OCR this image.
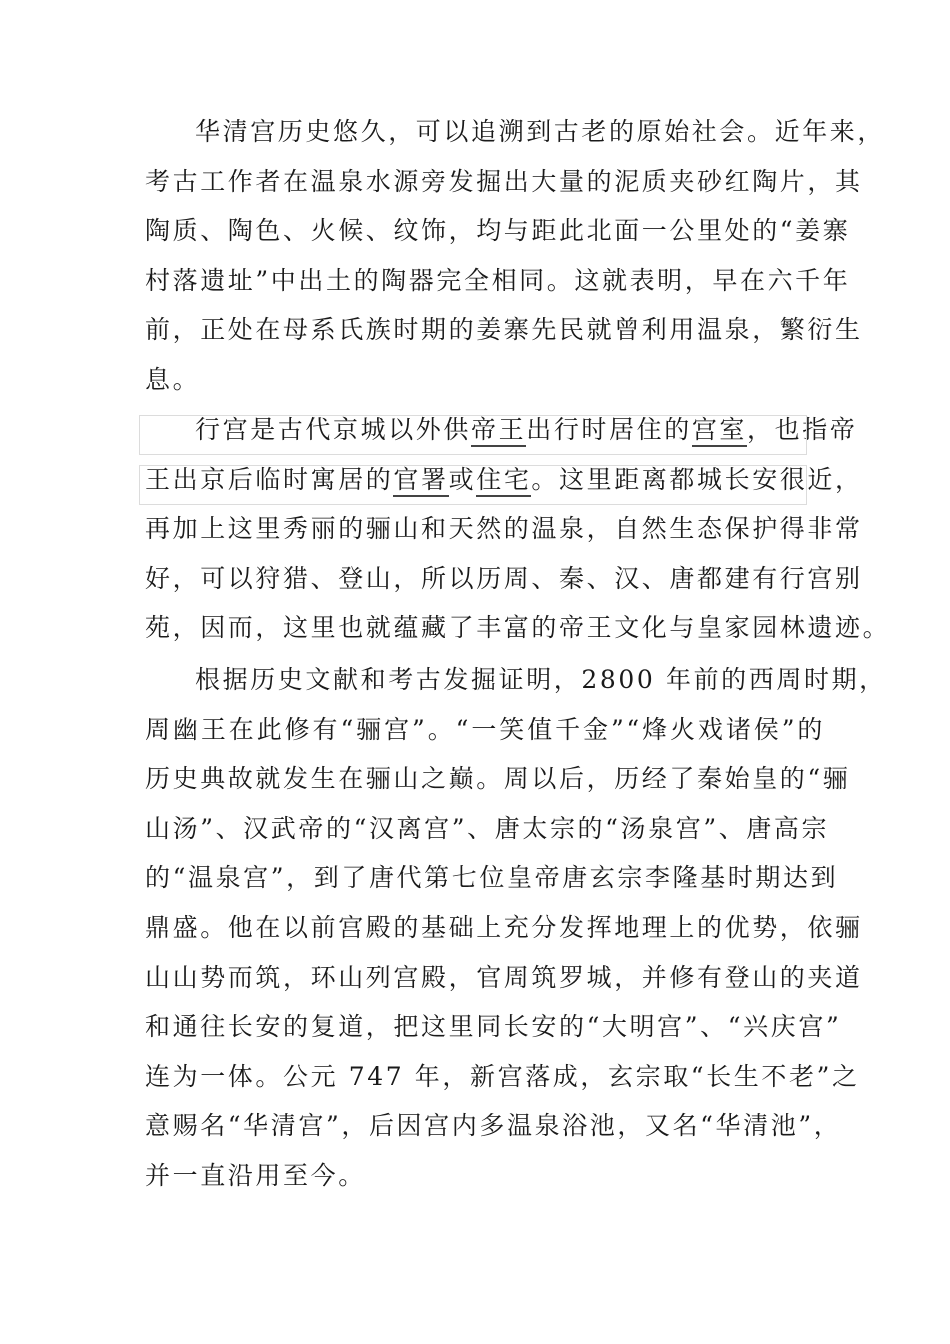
华清宫历史悠久，可以追溯到古老的原始社会。近年来，
考古工作者在温泉水源旁发掘出大量的泥质夹砂红陶片，其
陶质、陶色、火候、纹饰，均与距此北面一公里处的“姜寨
村落遗址”中出土的陶器完全相同。这就表明，早在六千年
前，正处在母系氏族时期的姜寨先民就曾利用温泉，繁衍生
息。
行宫是古代京城以外供帝王出行时居住的宫室，也指帝
王出京后临时寓居的官署或住宅。这里距离都城长安很近，
再加上这里秀丽的骊山和天然的温泉，自然生态保护得非常
好，可以狩猎、登山，所以历周、秦、汉、唐都建有行宫别
苑，因而，这里也就蕴藏了丰富的帝王文化与皇家园林遗迹。
根据历史文献和考古发掘证明，2800 年前的西周时期，
周幽王在此修有“骊宫”。“一笑值千金”“烽火戏诸侯”的
历史典故就发生在骊山之巅。周以后，历经了秦始皇的“骊
山汤”、汉武帝的“汉离宫”、唐太宗的“汤泉宫”、唐高宗
的“温泉宫”，到了唐代第七位皇帝唐玄宗李隆基时期达到
鼎盛。他在以前宫殿的基础上充分发挥地理上的优势，依骊
山山势而筑，环山列宫殿，官周筑罗城，并修有登山的夹道
和通往长安的复道，把这里同长安的“大明宫”、“兴庆宫”
连为一体。公元 747 年，新宫落成，玄宗取“长生不老”之
意赐名“华清宫”，后因宫内多温泉浴池，又名“华清池”，
并一直沿用至今。
